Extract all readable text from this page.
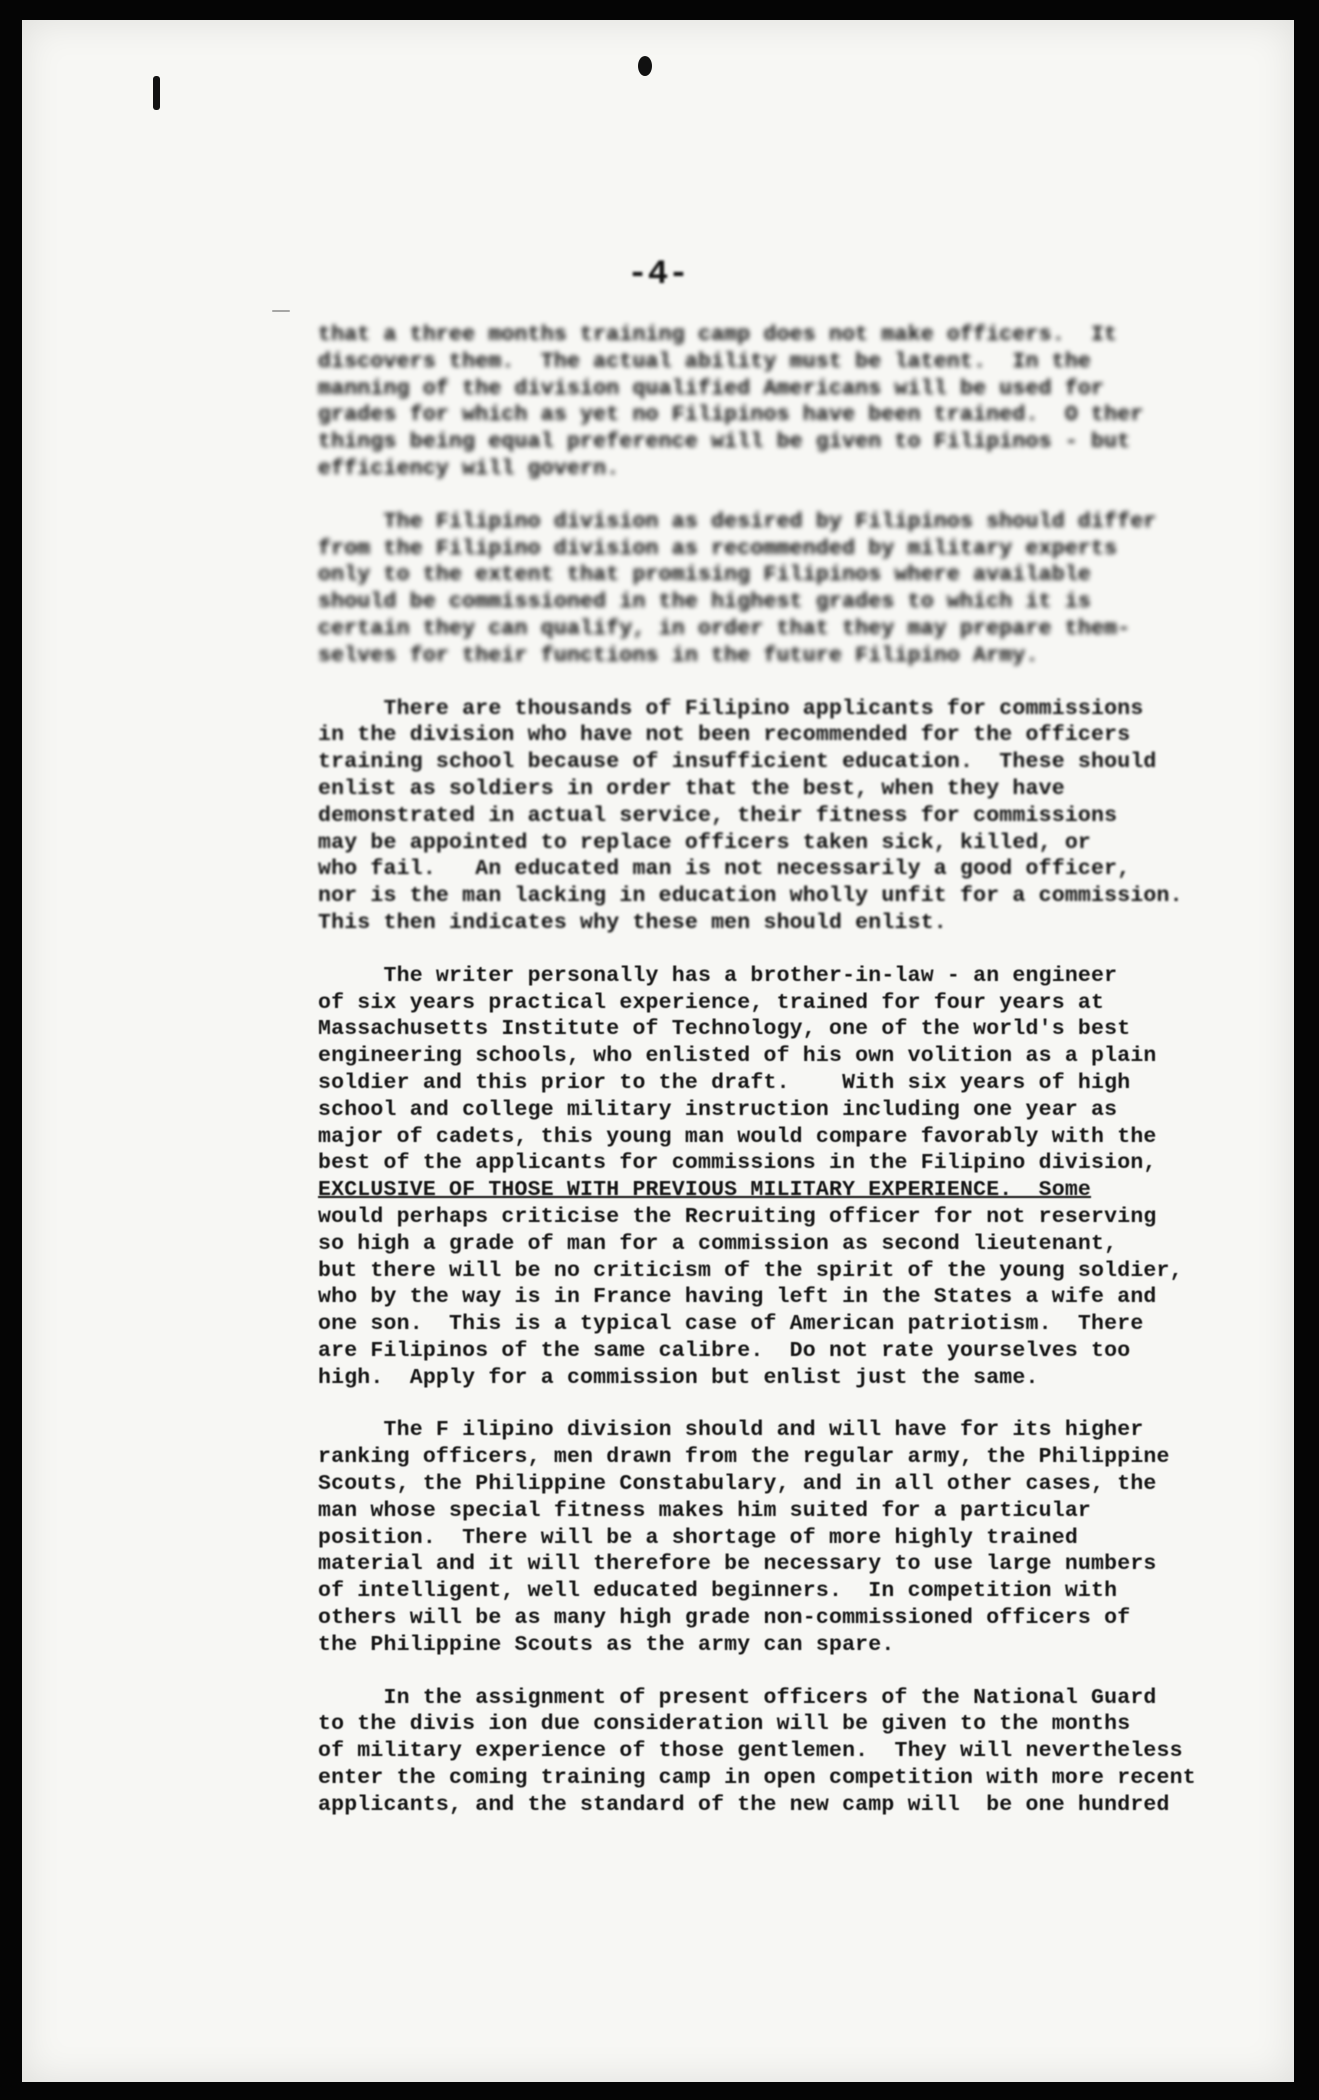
-4-
that a three months training camp does not make officers.  It
discovers them.  The actual ability must be latent.  In the
manning of the division qualified Americans will be used for
grades for which as yet no Filipinos have been trained.  O ther
things being equal preference will be given to Filipinos - but
efficiency will govern.
The Filipino division as desired by Filipinos should differ
from the Filipino division as recommended by military experts
only to the extent that promising Filipinos where available
should be commissioned in the highest grades to which it is
certain they can qualify, in order that they may prepare them-
selves for their functions in the future Filipino Army.
There are thousands of Filipino applicants for commissions
in the division who have not been recommended for the officers
training school because of insufficient education.  These should
enlist as soldiers in order that the best, when they have
demonstrated in actual service, their fitness for commissions
may be appointed to replace officers taken sick, killed, or
who fail.   An educated man is not necessarily a good officer,
nor is the man lacking in education wholly unfit for a commission.
This then indicates why these men should enlist.
The writer personally has a brother-in-law - an engineer
of six years practical experience, trained for four years at
Massachusetts Institute of Technology, one of the world's best
engineering schools, who enlisted of his own volition as a plain
soldier and this prior to the draft.    With six years of high
school and college military instruction including one year as
major of cadets, this young man would compare favorably with the
best of the applicants for commissions in the Filipino division,
EXCLUSIVE OF THOSE WITH PREVIOUS MILITARY EXPERIENCE.  Some
would perhaps criticise the Recruiting officer for not reserving
so high a grade of man for a commission as second lieutenant,
but there will be no criticism of the spirit of the young soldier,
who by the way is in France having left in the States a wife and
one son.  This is a typical case of American patriotism.  There
are Filipinos of the same calibre.  Do not rate yourselves too
high.  Apply for a commission but enlist just the same.
The F ilipino division should and will have for its higher
ranking officers, men drawn from the regular army, the Philippine
Scouts, the Philippine Constabulary, and in all other cases, the
man whose special fitness makes him suited for a particular
position.  There will be a shortage of more highly trained
material and it will therefore be necessary to use large numbers
of intelligent, well educated beginners.  In competition with
others will be as many high grade non-commissioned officers of
the Philippine Scouts as the army can spare.
In the assignment of present officers of the National Guard
to the divis ion due consideration will be given to the months
of military experience of those gentlemen.  They will nevertheless
enter the coming training camp in open competition with more recent
applicants, and the standard of the new camp will  be one hundred
